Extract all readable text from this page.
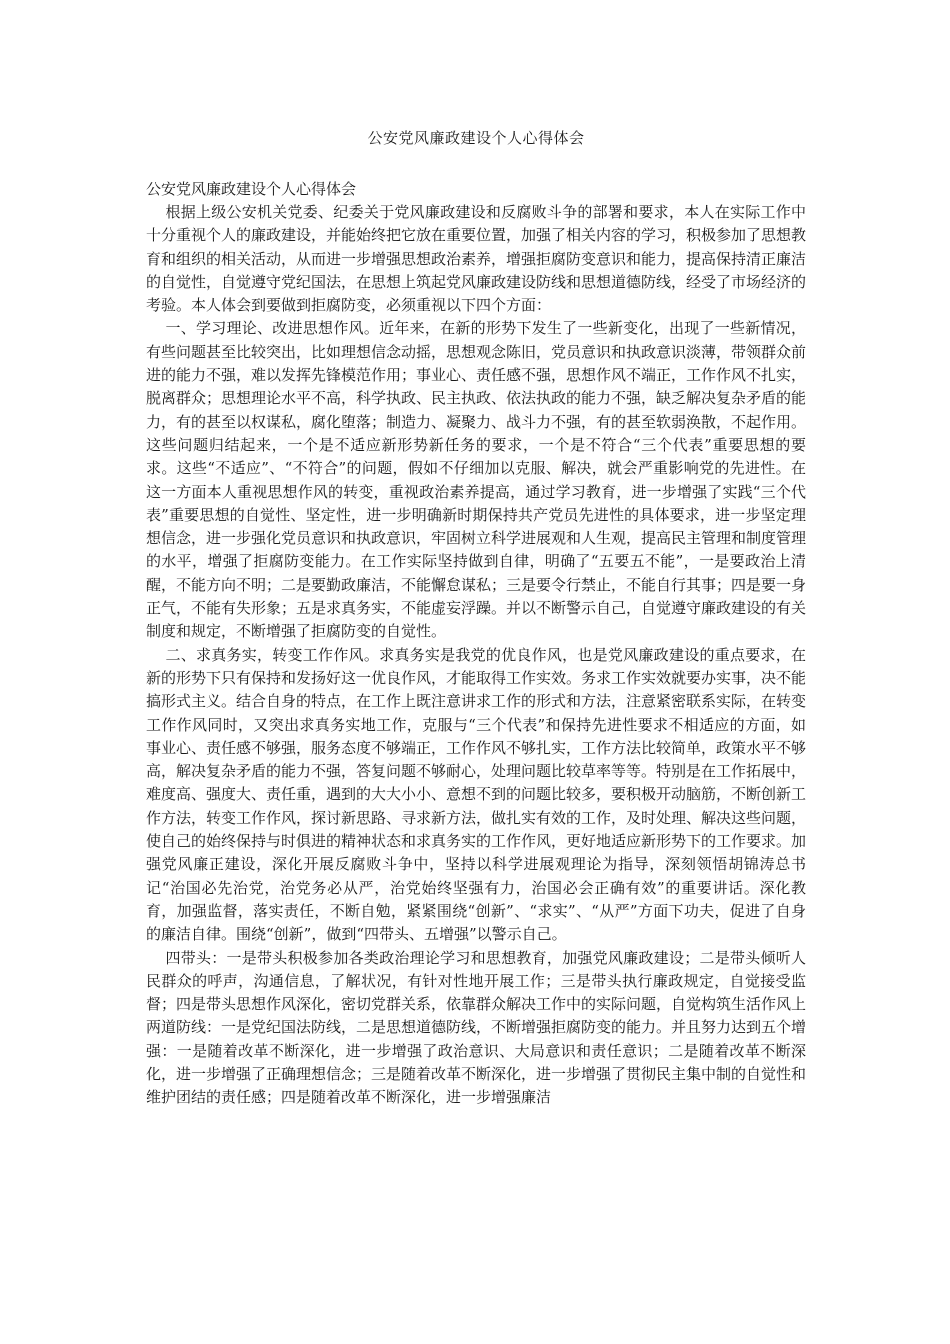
公安党风廉政建设个人心得体会

公安党风廉政建设个人心得体会

根据上级公安机关党委、纪委关于党风廉政建设和反腐败斗争的部署和要求，本人在实际工作中十分重视个人的廉政建设，并能始终把它放在重要位置，加强了相关内容的学习，积极参加了思想教育和组织的相关活动，从而进一步增强思想政治素养，增强拒腐防变意识和能力，提高保持清正廉洁的自觉性，自觉遵守党纪国法，在思想上筑起党风廉政建设防线和思想道德防线，经受了市场经济的考验。本人体会到要做到拒腐防变，必须重视以下四个方面：

一、学习理论、改进思想作风。近年来，在新的形势下发生了一些新变化，出现了一些新情况，有些问题甚至比较突出，比如理想信念动摇，思想观念陈旧，党员意识和执政意识淡薄，带领群众前进的能力不强，难以发挥先锋模范作用；事业心、责任感不强，思想作风不端正，工作作风不扎实，脱离群众；思想理论水平不高，科学执政、民主执政、依法执政的能力不强，缺乏解决复杂矛盾的能力，有的甚至以权谋私，腐化堕落；制造力、凝聚力、战斗力不强，有的甚至软弱涣散，不起作用。这些问题归结起来，一个是不适应新形势新任务的要求，一个是不符合“三个代表”重要思想的要求。这些“不适应”、“不符合”的问题，假如不仔细加以克服、解决，就会严重影响党的先进性。在这一方面本人重视思想作风的转变，重视政治素养提高，通过学习教育，进一步增强了实践“三个代表”重要思想的自觉性、坚定性，进一步明确新时期保持共产党员先进性的具体要求，进一步坚定理想信念，进一步强化党员意识和执政意识，牢固树立科学进展观和人生观，提高民主管理和制度管理的水平，增强了拒腐防变能力。在工作实际坚持做到自律，明确了“五要五不能”，一是要政治上清醒，不能方向不明；二是要勤政廉洁，不能懈怠谋私；三是要令行禁止，不能自行其事；四是要一身正气，不能有失形象；五是求真务实，不能虚妄浮躁。并以不断警示自己，自觉遵守廉政建设的有关制度和规定，不断增强了拒腐防变的自觉性。

二、求真务实，转变工作作风。求真务实是我党的优良作风，也是党风廉政建设的重点要求，在新的形势下只有保持和发扬好这一优良作风，才能取得工作实效。务求工作实效就要办实事，决不能搞形式主义。结合自身的特点，在工作上既注意讲求工作的形式和方法，注意紧密联系实际，在转变工作作风同时，又突出求真务实地工作，克服与“三个代表”和保持先进性要求不相适应的方面，如事业心、责任感不够强，服务态度不够端正，工作作风不够扎实，工作方法比较简单，政策水平不够高，解决复杂矛盾的能力不强，答复问题不够耐心，处理问题比较草率等等。特别是在工作拓展中，难度高、强度大、责任重，遇到的大大小小、意想不到的问题比较多，要积极开动脑筋，不断创新工作方法，转变工作作风，探讨新思路、寻求新方法，做扎实有效的工作，及时处理、解决这些问题，使自己的始终保持与时俱进的精神状态和求真务实的工作作风，更好地适应新形势下的工作要求。加强党风廉正建设，深化开展反腐败斗争中，坚持以科学进展观理论为指导，深刻领悟胡锦涛总书记“治国必先治党，治党务必从严，治党始终坚强有力，治国必会正确有效”的重要讲话。深化教育，加强监督，落实责任，不断自勉，紧紧围绕“创新”、“求实”、“从严”方面下功夫，促进了自身的廉洁自律。围绕“创新”，做到“四带头、五增强”以警示自己。

四带头：一是带头积极参加各类政治理论学习和思想教育，加强党风廉政建设；二是带头倾听人民群众的呼声，沟通信息，了解状况，有针对性地开展工作；三是带头执行廉政规定，自觉接受监督；四是带头思想作风深化，密切党群关系，依靠群众解决工作中的实际问题，自觉构筑生活作风上两道防线：一是党纪国法防线，二是思想道德防线，不断增强拒腐防变的能力。并且努力达到五个增强：一是随着改革不断深化，进一步增强了政治意识、大局意识和责任意识；二是随着改革不断深化，进一步增强了正确理想信念；三是随着改革不断深化，进一步增强了贯彻民主集中制的自觉性和维护团结的责任感；四是随着改革不断深化，进一步增强廉洁
